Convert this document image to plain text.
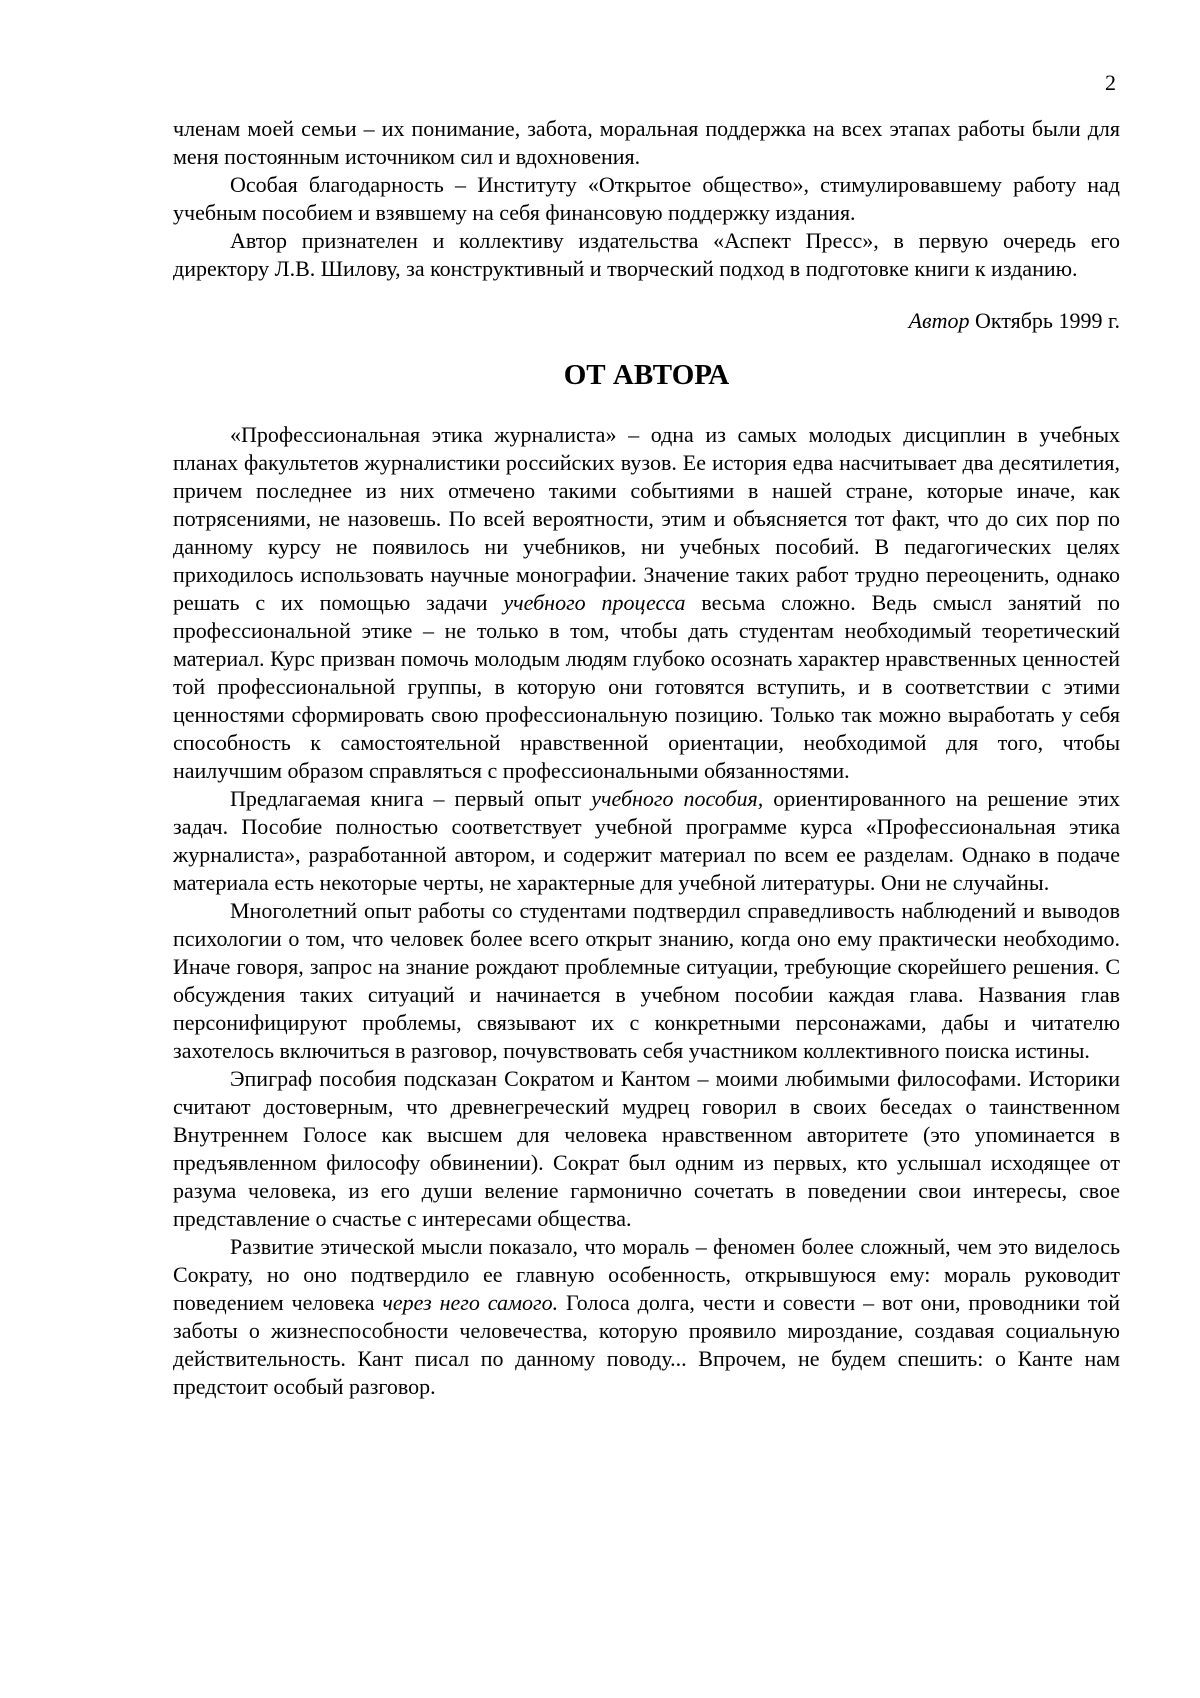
2

членам моей семьи – их понимание, забота, моральная поддержка на всех этапах работы были для меня постоянным источником сил и вдохновения.

Особая благодарность – Институту «Открытое общество», стимулировавшему работу над учебным пособием и взявшему на себя финансовую поддержку издания.

Автор признателен и коллективу издательства «Аспект Пресс», в первую очередь его директору Л.В. Шилову, за конструктивный и творческий подход в подготовке книги к изданию.

Автор Октябрь 1999 г.

ОТ АВТОРА

«Профессиональная этика журналиста» – одна из самых молодых дисциплин в учебных планах факультетов журналистики российских вузов. Ее история едва насчитывает два десятилетия, причем последнее из них отмечено такими событиями в нашей стране, которые иначе, как потрясениями, не назовешь. По всей вероятности, этим и объясняется тот факт, что до сих пор по данному курсу не появилось ни учебников, ни учебных пособий. В педагогических целях приходилось использовать научные монографии. Значение таких работ трудно переоценить, однако решать с их помощью задачи учебного процесса весьма сложно. Ведь смысл занятий по профессиональной этике – не только в том, чтобы дать студентам необходимый теоретический материал. Курс призван помочь молодым людям глубоко осознать характер нравственных ценностей той профессиональной группы, в которую они готовятся вступить, и в соответствии с этими ценностями сформировать свою профессиональную позицию. Только так можно выработать у себя способность к самостоятельной нравственной ориентации, необходимой для того, чтобы наилучшим образом справляться с профессиональными обязанностями.

Предлагаемая книга – первый опыт учебного пособия, ориентированного на решение этих задач. Пособие полностью соответствует учебной программе курса «Профессиональная этика журналиста», разработанной автором, и содержит материал по всем ее разделам. Однако в подаче материала есть некоторые черты, не характерные для учебной литературы. Они не случайны.

Многолетний опыт работы со студентами подтвердил справедливость наблюдений и выводов психологии о том, что человек более всего открыт знанию, когда оно ему практически необходимо. Иначе говоря, запрос на знание рождают проблемные ситуации, требующие скорейшего решения. С обсуждения таких ситуаций и начинается в учебном пособии каждая глава. Названия глав персонифицируют проблемы, связывают их с конкретными персонажами, дабы и читателю захотелось включиться в разговор, почувствовать себя участником коллективного поиска истины.

Эпиграф пособия подсказан Сократом и Кантом – моими любимыми философами. Историки считают достоверным, что древнегреческий мудрец говорил в своих беседах о таинственном Внутреннем Голосе как высшем для человека нравственном авторитете (это упоминается в предъявленном философу обвинении). Сократ был одним из первых, кто услышал исходящее от разума человека, из его души веление гармонично сочетать в поведении свои интересы, свое представление о счастье с интересами общества.

Развитие этической мысли показало, что мораль – феномен более сложный, чем это виделось Сократу, но оно подтвердило ее главную особенность, открывшуюся ему: мораль руководит поведением человека через него самого. Голоса долга, чести и совести – вот они, проводники той заботы о жизнеспособности человечества, которую проявило мироздание, создавая социальную действительность. Кант писал по данному поводу... Впрочем, не будем спешить: о Канте нам предстоит особый разговор.
